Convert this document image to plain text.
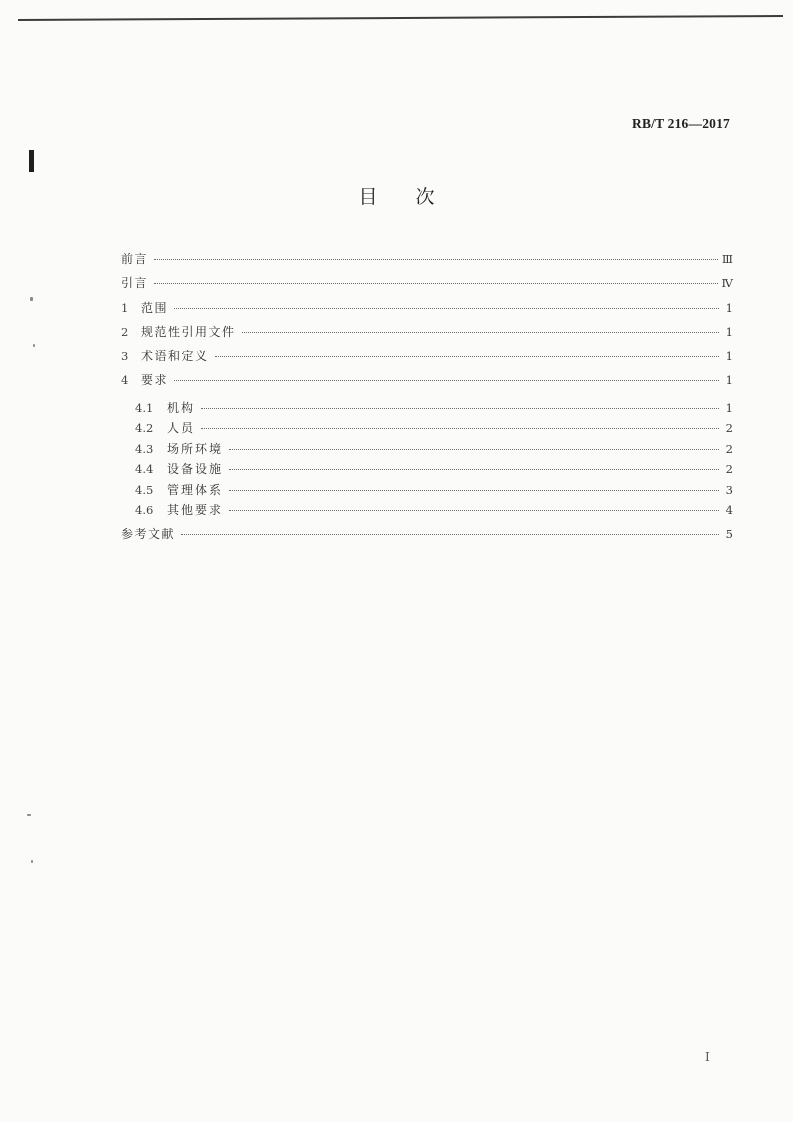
RB/T 216—2017
目次
前言	Ⅲ
引言	Ⅳ
1	范围	1
2	规范性引用文件	1
3	术语和定义	1
4	要求	1
4.1	机构	1
4.2	人员	2
4.3	场所环境	2
4.4	设备设施	2
4.5	管理体系	3
4.6	其他要求	4
参考文献	5
I
